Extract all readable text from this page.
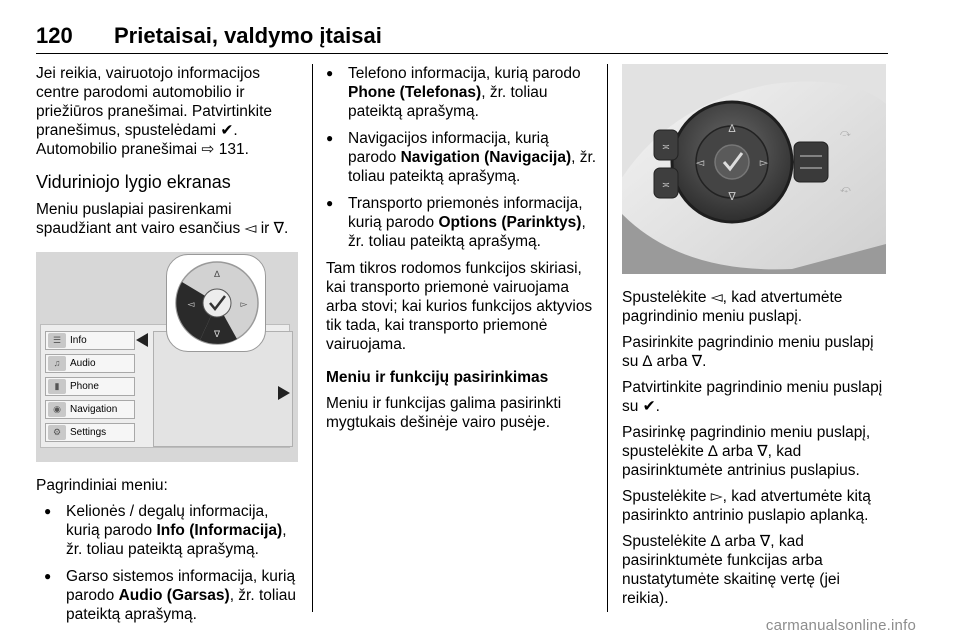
120 Prietaisai, valdymo įtaisai

Jei reikia, vairuotojo informacijos
centre parodomi automobilio ir
priežiūros pranešimai. Patvirtinkite
pranešimus, spustelėdami ✔.
Automobilio pranešimai ⇨ 131.

Viduriniojo lygio ekranas

Meniu puslapiai pasirenkami
spaudžiant ant vairo esančius ◅ ir ∇.

☰ Info
♫ Audio
▮	Phone
◉ Navigation
⚙ Settings
∆
∇
◅	▻

Pagrindiniai meniu:

● Kelionės / degalų informacija, kurią parodo Info (Informacija), žr. toliau pateiktą aprašymą.
● Garso sistemos informacija, kurią parodo Audio (Garsas), žr. toliau pateiktą aprašymą.
● Telefono informacija, kurią parodo Phone (Telefonas), žr. toliau pateiktą aprašymą.
● Navigacijos informacija, kurią parodo Navigation (Navigacija), žr. toliau pateiktą aprašymą.
● Transporto priemonės informacija, kurią parodo Options (Parinktys), žr. toliau pateiktą aprašymą.

Tam tikros rodomos funkcijos skiriasi, kai transporto priemonė vairuojama arba stovi; kai kurios funkcijos aktyvios tik tada, kai transporto priemonė vairuojama.

Meniu ir funkcijų pasirinkimas

Meniu ir funkcijas galima pasirinkti mygtukais dešinėje vairo pusėje.

∆
∇
◅	▻
≍
≍
⤼
⤽

Spustelėkite ◅, kad atvertumėte pagrindinio meniu puslapį.

Pasirinkite pagrindinio meniu puslapį su ∆ arba ∇.

Patvirtinkite pagrindinio meniu puslapį su ✔.

Pasirinkę pagrindinio meniu puslapį, spustelėkite ∆ arba ∇, kad pasirinktumėte antrinius puslapius.

Spustelėkite ▻, kad atvertumėte kitą pasirinkto antrinio puslapio aplanką.

Spustelėkite ∆ arba ∇, kad pasirinktumėte funkcijas arba nustatytumėte skaitinę vertę (jei reikia).

carmanualsonline.info
